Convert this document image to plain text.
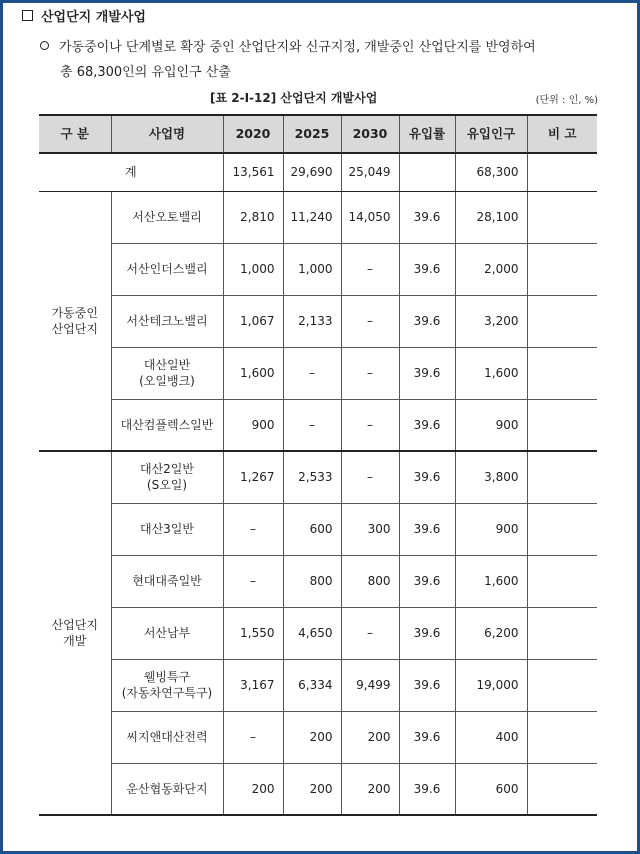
산업단지 개발사업
가동중이나 단계별로 확장 중인 산업단지와 신규지정, 개발중인 산업단지를 반영하여
총 68,300인의 유입인구 산출
[표 2-Ⅰ-12] 산업단지 개발사업	(단위 : 인, %)
구 분	사업명	2020	2025	2030	유입률	유입인구	비 고
계		13,561	29,690	25,049		68,300	
가동중인
산업단지	서산오토밸리	2,810	11,240	14,050	39.6	28,100	
	서산인더스밸리	1,000	1,000	–	39.6	2,000	
	서산테크노밸리	1,067	2,133	–	39.6	3,200	
	대산일반
(오일뱅크)	1,600	–	–	39.6	1,600	
	대산컴플렉스일반	900	–	–	39.6	900	
산업단지
개발	대산2일반
(S오일)	1,267	2,533	–	39.6	3,800	
	대산3일반	–	600	300	39.6	900	
	현대대죽일반	–	800	800	39.6	1,600	
	서산남부	1,550	4,650	–	39.6	6,200	
	웰빙특구
(자동차연구특구)	3,167	6,334	9,499	39.6	19,000	
	씨지앤대산전력	–	200	200	39.6	400	
	운산협동화단지	200	200	200	39.6	600	
